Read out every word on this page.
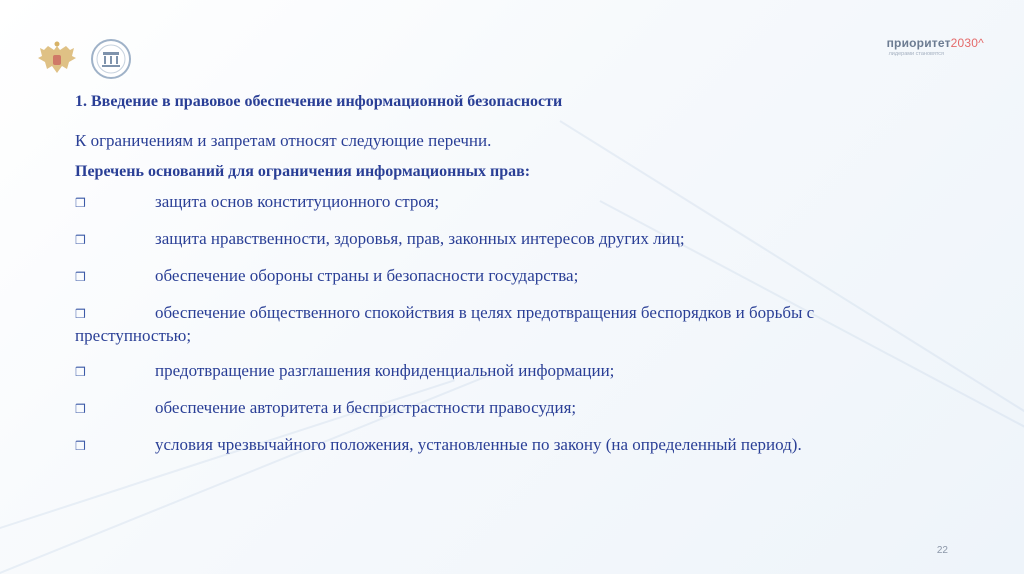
приоритет2030^
лидерами становятся
1. Введение в правовое обеспечение информационной безопасности

К ограничениям и запретам относят следующие перечни.

Перечень оснований для ограничения информационных прав:

❒	защита основ конституционного строя;

❒	защита нравственности, здоровья, прав, законных интересов других лиц;

❒	обеспечение обороны страны и безопасности государства;

❒	обеспечение общественного спокойствия в целях предотвращения беспорядков и борьбы с преступностью;

❒	предотвращение разглашения конфиденциальной информации;

❒	обеспечение авторитета и беспристрастности правосудия;

❒	условия чрезвычайного положения, установленные по закону (на определенный период).

22
